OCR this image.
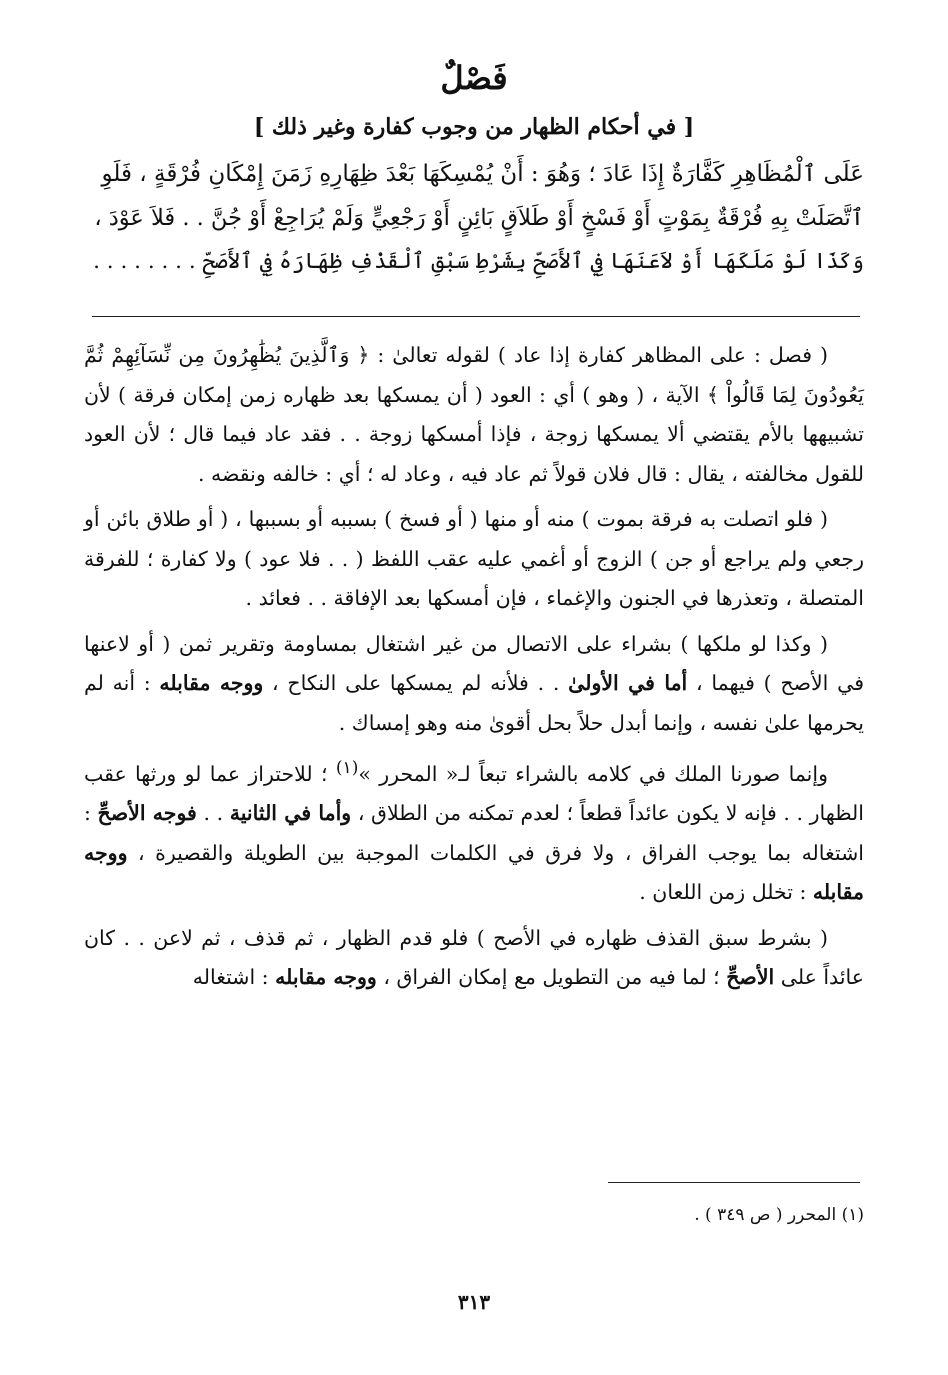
فَصْلٌ
[ في أحكام الظهار من وجوب كفارة وغير ذلك ]
عَلَى ٱلْمُظَاهِرِ كَفَّارَةٌ إِذَا عَادَ ؛ وَهُوَ : أَنْ يُمْسِكَهَا بَعْدَ ظِهَارِهِ زَمَنَ إِمْكَانِ فُرْقَةٍ ، فَلَوِ
ٱتَّصَلَتْ بِهِ فُرْقَةٌ بِمَوْتٍ أَوْ فَسْخٍ أَوْ طَلاَقٍ بَائِنٍ أَوْ رَجْعِيٍّ وَلَمْ يُرَاجِعْ أَوْ جُنَّ . . فَلاَ عَوْدَ ،
وَكَذَا لَوْ مَلَكَهَا أَوْ لاَعَنَهَا فِي ٱلأَصَحِّ بِشَرْطِ سَبْقِ ٱلْقَذْفِ ظِهَارَهُ فِي ٱلأَصَحِّ . . . . . . . .

( فصل : على المظاهر كفارة إذا عاد ) لقوله تعالىٰ : ﴿ وَٱلَّذِينَ يُظَٰهِرُونَ مِن نِّسَآئِهِمْ ثُمَّ يَعُودُونَ لِمَا قَالُواْ ﴾ الآية ، ( وهو ) أي : العود ( أن يمسكها بعد ظهاره زمن إمكان فرقة ) لأن تشبيهها بالأم يقتضي ألا يمسكها زوجة ، فإذا أمسكها زوجة . . فقد عاد فيما قال ؛ لأن العود للقول مخالفته ، يقال : قال فلان قولاً ثم عاد فيه ، وعاد له ؛ أي : خالفه ونقضه .

( فلو اتصلت به فرقة بموت ) منه أو منها ( أو فسخ ) بسببه أو بسببها ، ( أو طلاق بائن أو رجعي ولم يراجع أو جن ) الزوج أو أغمي عليه عقب اللفظ ( . . فلا عود ) ولا كفارة ؛ للفرقة المتصلة ، وتعذرها في الجنون والإغماء ، فإن أمسكها بعد الإفاقة . . فعائد .

( وكذا لو ملكها ) بشراء على الاتصال من غير اشتغال بمساومة وتقرير ثمن ( أو لاعنها في الأصح ) فيهما ، أما في الأولىٰ . . فلأنه لم يمسكها على النكاح ، ووجه مقابله : أنه لم يحرمها علىٰ نفسه ، وإنما أبدل حلاً بحل أقوىٰ منه وهو إمساك .

وإنما صورنا الملك في كلامه بالشراء تبعاً لـ« المحرر »$^{(١)}$ ؛ للاحتراز عما لو ورثها عقب الظهار . . فإنه لا يكون عائداً قطعاً ؛ لعدم تمكنه من الطلاق ، وأما في الثانية . . فوجه الأصحِّ : اشتغاله بما يوجب الفراق ، ولا فرق في الكلمات الموجبة بين الطويلة والقصيرة ، ووجه مقابله : تخلل زمن اللعان .

( بشرط سبق القذف ظهاره في الأصح ) فلو قدم الظهار ، ثم قذف ، ثم لاعن . . كان عائداً على الأصحِّ ؛ لما فيه من التطويل مع إمكان الفراق ، ووجه مقابله : اشتغاله

(١) المحرر ( ص ٣٤٩ ) .
٣١٣
